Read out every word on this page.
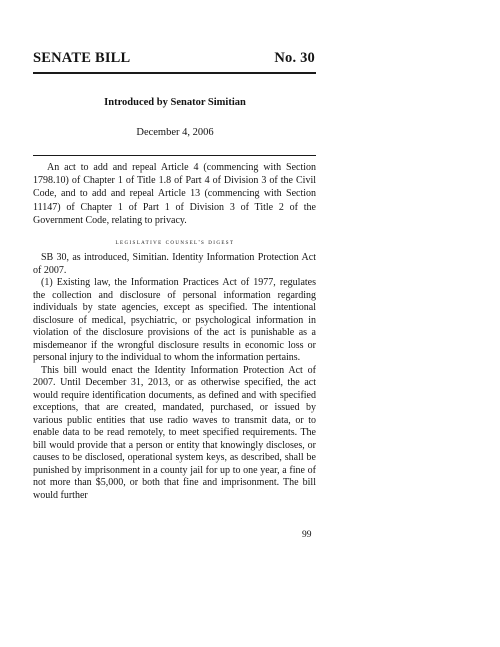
SENATE BILL	No. 30
Introduced by Senator Simitian
December 4, 2006
An act to add and repeal Article 4 (commencing with Section 1798.10) of Chapter 1 of Title 1.8 of Part 4 of Division 3 of the Civil Code, and to add and repeal Article 13 (commencing with Section 11147) of Chapter 1 of Part 1 of Division 3 of Title 2 of the Government Code, relating to privacy.
legislative counsel's digest

SB 30, as introduced, Simitian. Identity Information Protection Act of 2007.

(1) Existing law, the Information Practices Act of 1977, regulates the collection and disclosure of personal information regarding individuals by state agencies, except as specified. The intentional disclosure of medical, psychiatric, or psychological information in violation of the disclosure provisions of the act is punishable as a misdemeanor if the wrongful disclosure results in economic loss or personal injury to the individual to whom the information pertains.

This bill would enact the Identity Information Protection Act of 2007. Until December 31, 2013, or as otherwise specified, the act would require identification documents, as defined and with specified exceptions, that are created, mandated, purchased, or issued by various public entities that use radio waves to transmit data, or to enable data to be read remotely, to meet specified requirements. The bill would provide that a person or entity that knowingly discloses, or causes to be disclosed, operational system keys, as described, shall be punished by imprisonment in a county jail for up to one year, a fine of not more than $5,000, or both that fine and imprisonment. The bill would further

99
